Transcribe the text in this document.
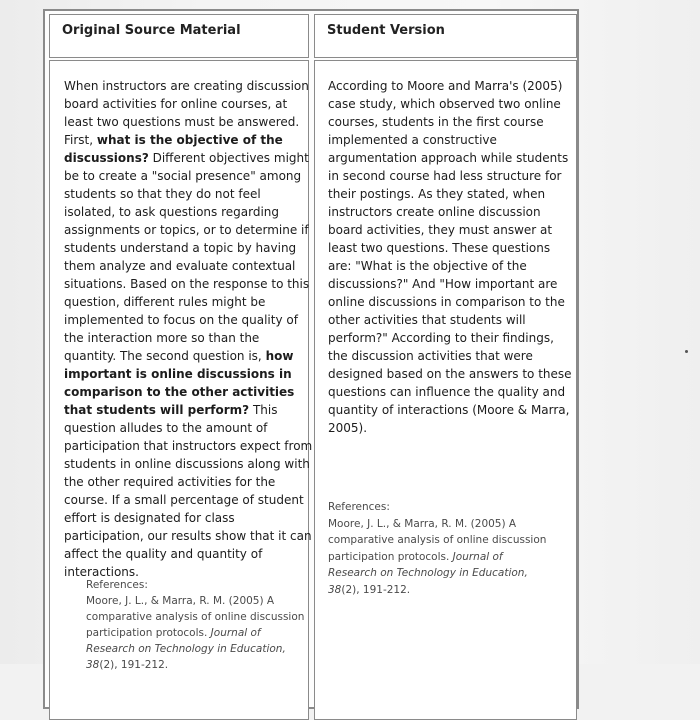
Original Source Material	Student Version
When instructors are creating discussion
board activities for online courses, at
least two questions must be answered.
First, what is the objective of the
discussions? Different objectives might
be to create a "social presence" among
students so that they do not feel
isolated, to ask questions regarding
assignments or topics, or to determine if
students understand a topic by having
them analyze and evaluate contextual
situations. Based on the response to this
question, different rules might be
implemented to focus on the quality of
the interaction more so than the
quantity. The second question is, how
important is online discussions in
comparison to the other activities
that students will perform? This
question alludes to the amount of
participation that instructors expect from
students in online discussions along with
the other required activities for the
course. If a small percentage of student
effort is designated for class
participation, our results show that it can
affect the quality and quantity of
interactions.
References:
Moore, J. L., & Marra, R. M. (2005) A
comparative analysis of online discussion
participation protocols. Journal of
Research on Technology in Education,
38(2), 191-212.
According to Moore and Marra's (2005)
case study, which observed two online
courses, students in the first course
implemented a constructive
argumentation approach while students
in second course had less structure for
their postings. As they stated, when
instructors create online discussion
board activities, they must answer at
least two questions. These questions
are: "What is the objective of the
discussions?" And "How important are
online discussions in comparison to the
other activities that students will
perform?" According to their findings,
the discussion activities that were
designed based on the answers to these
questions can influence the quality and
quantity of interactions (Moore & Marra,
2005).
References:
Moore, J. L., & Marra, R. M. (2005) A
comparative analysis of online discussion
participation protocols. Journal of
Research on Technology in Education,
38(2), 191-212.
